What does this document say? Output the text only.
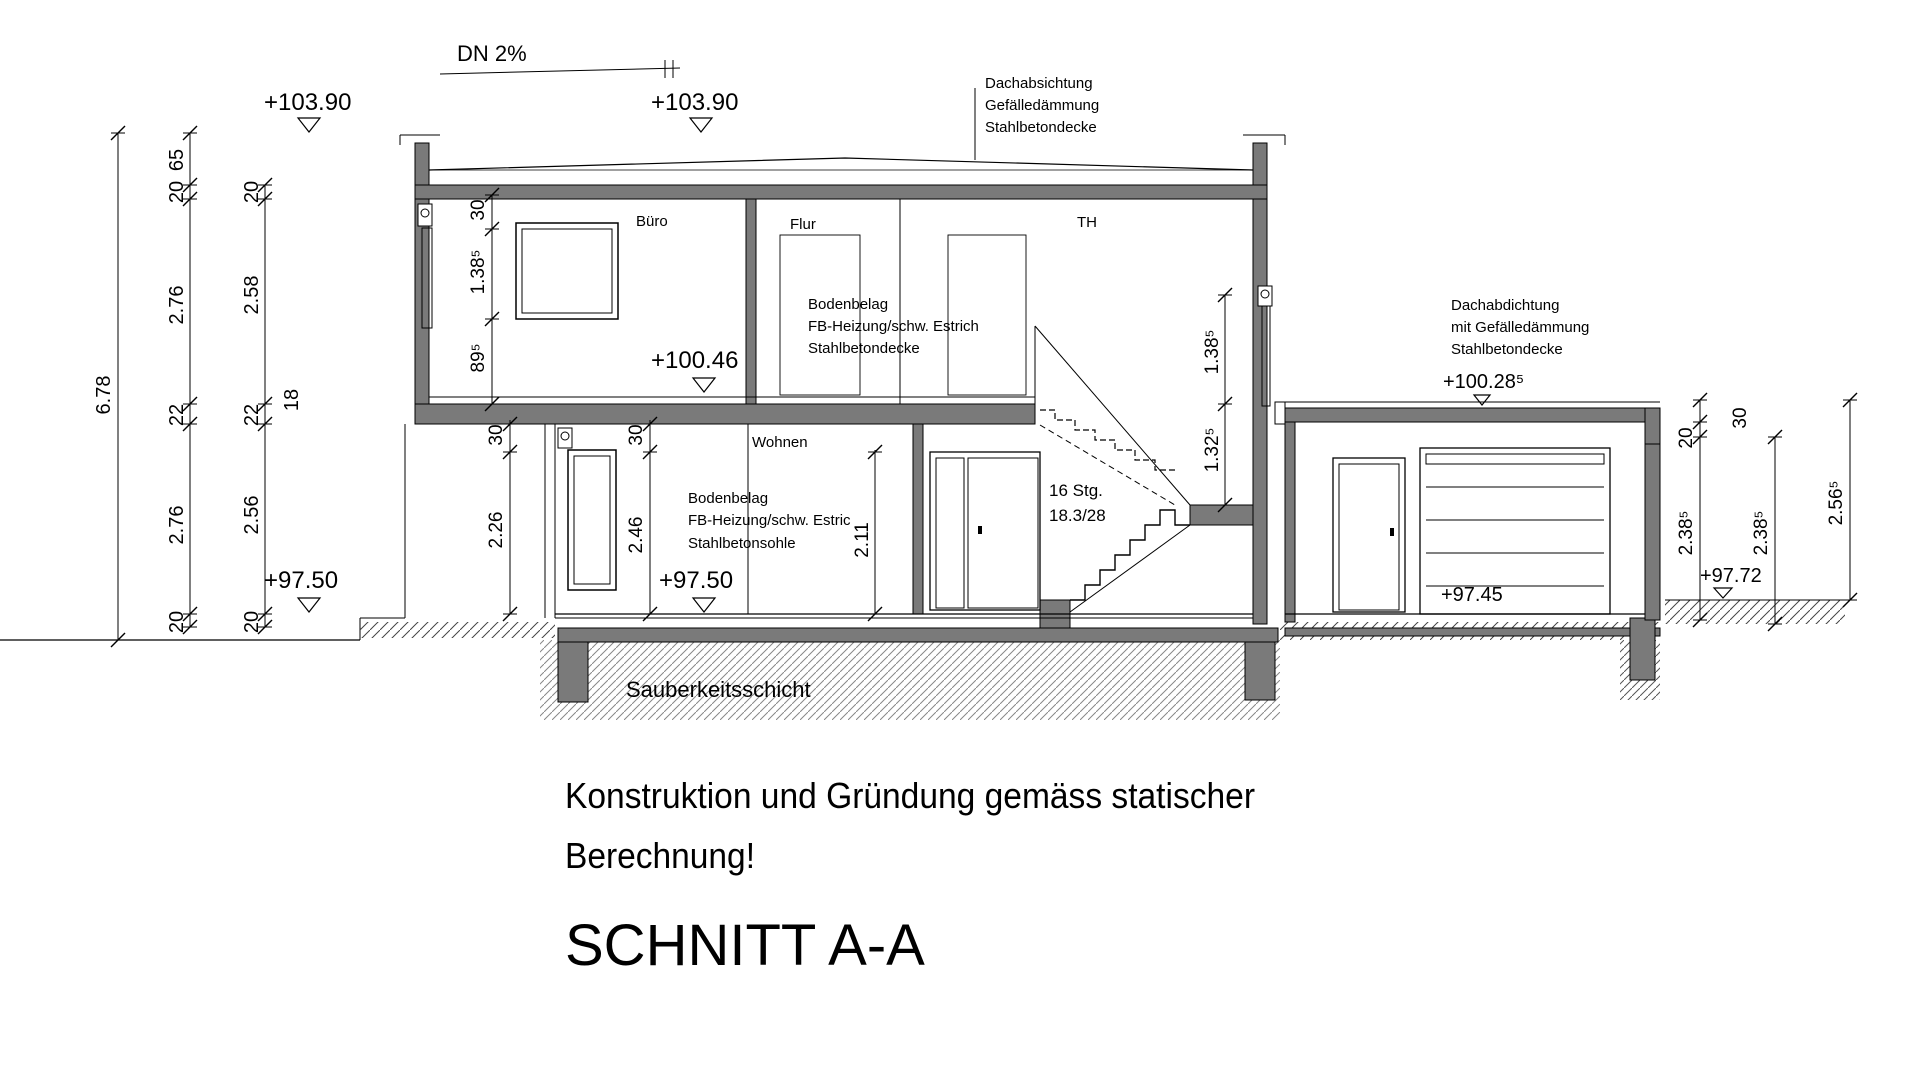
DN 2%
+103.90	+103.90
Dachabsichtung
Gefälledämmung
Stahlbetondecke
Büro	Flur	TH
Wohnen
Bodenbelag
FB-Heizung/schw. Estrich
Stahlbetondecke
+100.46
Bodenbelag
FB-Heizung/schw. Estric
Stahlbetonsohle
+97.50	+97.50
16 Stg.
18.3/28
Dachabdichtung
mit Gefälledämmung
Stahlbetondecke
+100.28⁵
+97.45
+97.72
Sauberkeitsschicht
6.78
65
20
2.76
22
2.76
20
20
2.58
22
2.56
20
18
30
1.38⁵
89⁵
30
2.26
30
2.46	2.11
1.38⁵
1.32⁵
30
20
2.38⁵	2.38⁵
2.56⁵
Konstruktion und Gründung gemäss statischer
Berechnung!
SCHNITT A-A
